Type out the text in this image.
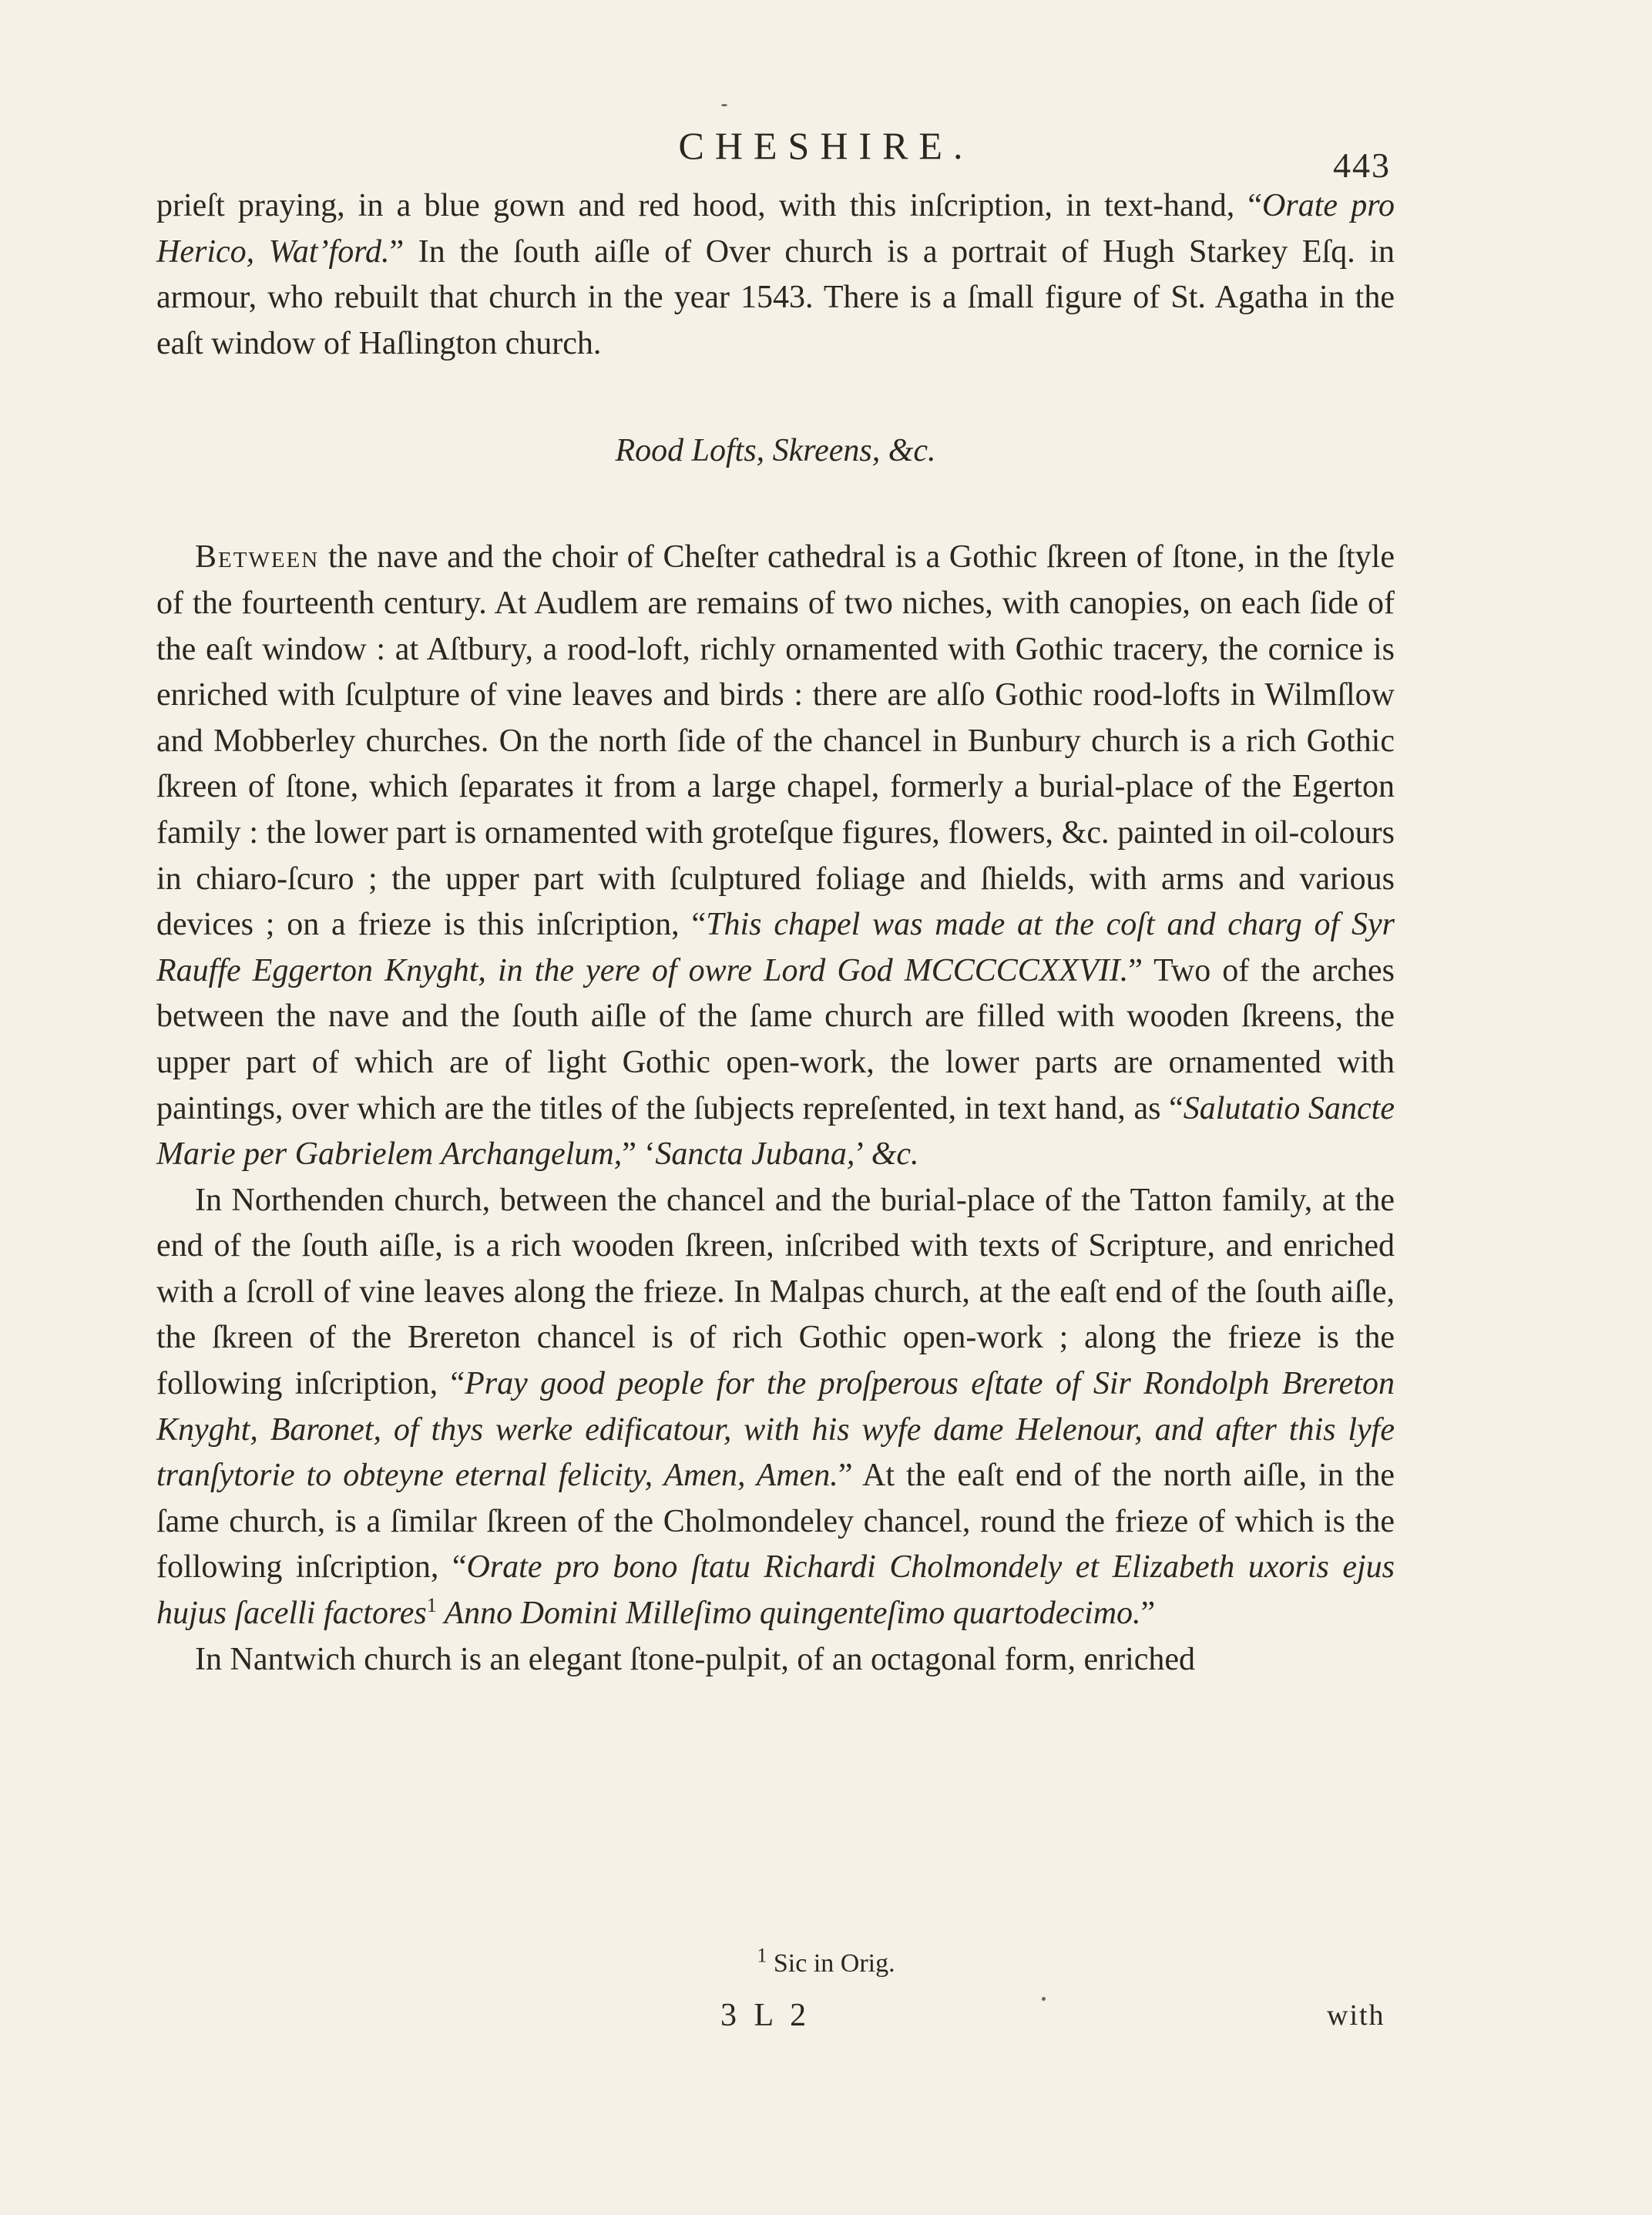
CHESHIRE.	443

prieſt praying, in a blue gown and red hood, with this inſcription, in text-hand, “Orate pro Herico, Wat’ford.” In the ſouth aiſle of Over church is a portrait of Hugh Starkey Eſq. in armour, who rebuilt that church in the year 1543. There is a ſmall figure of St. Agatha in the eaſt window of Haſlington church.

Rood Lofts, Skreens, &c.

Between the nave and the choir of Cheſter cathedral is a Gothic ſkreen of ſtone, in the ſtyle of the fourteenth century. At Audlem are remains of two niches, with canopies, on each ſide of the eaſt window : at Aſtbury, a rood-loft, richly ornamented with Gothic tracery, the cornice is enriched with ſculpture of vine leaves and birds : there are alſo Gothic rood-lofts in Wilmſlow and Mobberley churches. On the north ſide of the chancel in Bunbury church is a rich Gothic ſkreen of ſtone, which ſeparates it from a large chapel, formerly a burial-place of the Egerton family : the lower part is ornamented with groteſque figures, flowers, &c. painted in oil-colours in chiaro-ſcuro ; the upper part with ſculptured foliage and ſhields, with arms and various devices ; on a frieze is this inſcription, “This chapel was made at the coſt and charg of Syr Rauffe Eggerton Knyght, in the yere of owre Lord God MCCCCCXXVII.” Two of the arches between the nave and the ſouth aiſle of the ſame church are filled with wooden ſkreens, the upper part of which are of light Gothic open-work, the lower parts are ornamented with paintings, over which are the titles of the ſubjects repreſented, in text hand, as “Salutatio Sancte Marie per Gabrielem Archangelum,” ‘Sancta Jubana,’ &c.

In Northenden church, between the chancel and the burial-place of the Tatton family, at the end of the ſouth aiſle, is a rich wooden ſkreen, inſcribed with texts of Scripture, and enriched with a ſcroll of vine leaves along the frieze. In Malpas church, at the eaſt end of the ſouth aiſle, the ſkreen of the Brereton chancel is of rich Gothic open-work ; along the frieze is the following inſcription, “Pray good people for the proſperous eſtate of Sir Rondolph Brereton Knyght, Baronet, of thys werke edificatour, with his wyfe dame Helenour, and after this lyfe tranſytorie to obteyne eternal felicity, Amen, Amen.” At the eaſt end of the north aiſle, in the ſame church, is a ſimilar ſkreen of the Cholmondeley chancel, round the frieze of which is the following inſcription, “Orate pro bono ſtatu Richardi Cholmondely et Elizabeth uxoris ejus hujus ſacelli factores$^1$ Anno Domini Milleſimo quingenteſimo quartodecimo.”

In Nantwich church is an elegant ſtone-pulpit, of an octagonal form, enriched

$^1$ Sic in Orig.
3 L 2	with
